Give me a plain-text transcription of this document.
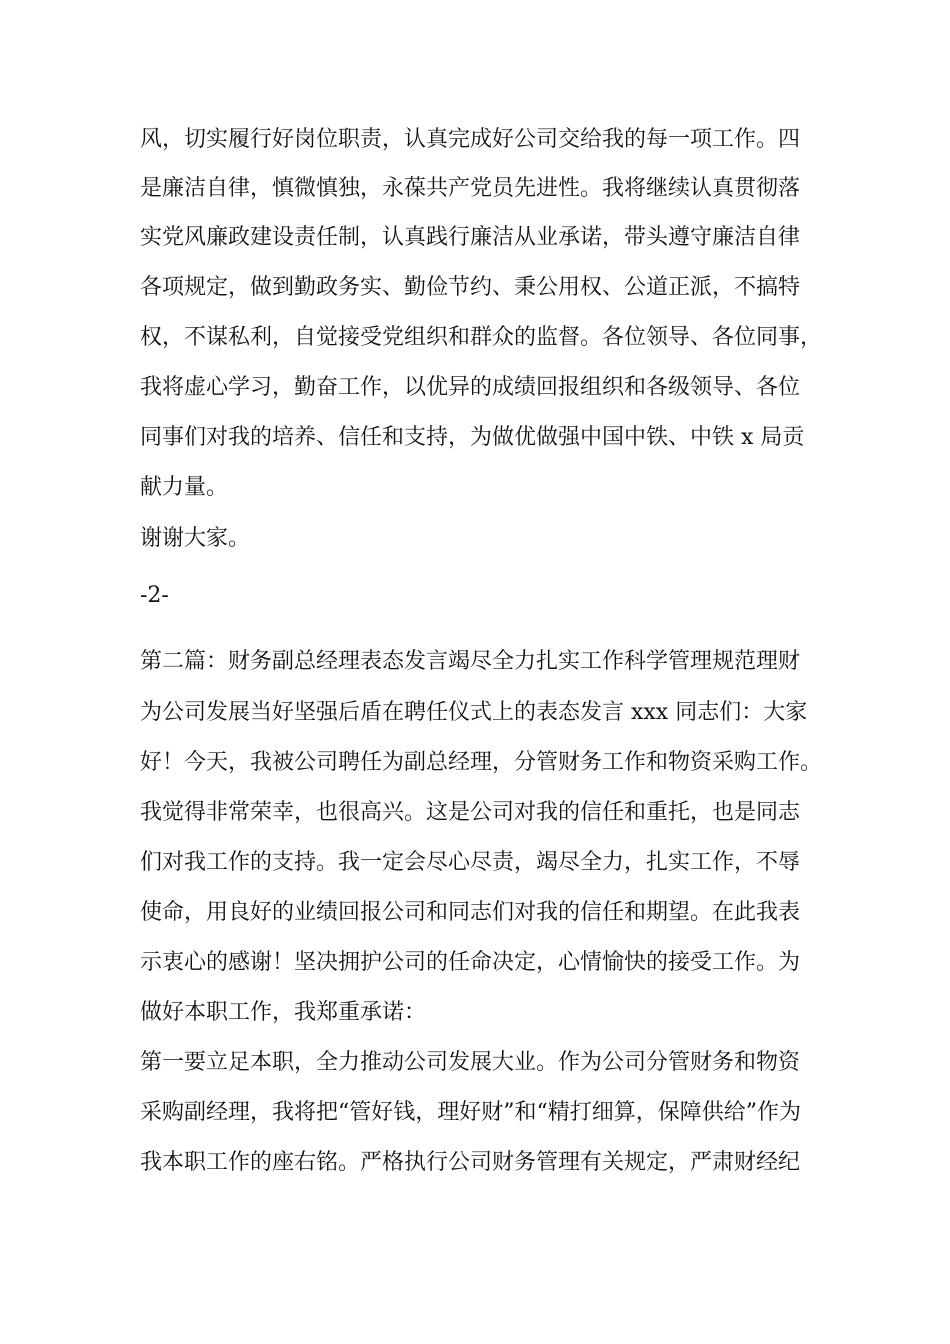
风，切实履行好岗位职责，认真完成好公司交给我的每一项工作。四
是廉洁自律，慎微慎独，永葆共产党员先进性。我将继续认真贯彻落
实党风廉政建设责任制，认真践行廉洁从业承诺，带头遵守廉洁自律
各项规定，做到勤政务实、勤俭节约、秉公用权、公道正派，不搞特
权，不谋私利，自觉接受党组织和群众的监督。各位领导、各位同事，
我将虚心学习，勤奋工作，以优异的成绩回报组织和各级领导、各位
同事们对我的培养、信任和支持，为做优做强中国中铁、中铁 x 局贡
献力量。
谢谢大家。
-2-
第二篇：财务副总经理表态发言竭尽全力扎实工作科学管理规范理财
为公司发展当好坚强后盾在聘任仪式上的表态发言 xxx 同志们：大家
好！今天，我被公司聘任为副总经理，分管财务工作和物资采购工作。
我觉得非常荣幸，也很高兴。这是公司对我的信任和重托，也是同志
们对我工作的支持。我一定会尽心尽责，竭尽全力，扎实工作，不辱
使命，用良好的业绩回报公司和同志们对我的信任和期望。在此我表
示衷心的感谢！坚决拥护公司的任命决定，心情愉快的接受工作。为
做好本职工作，我郑重承诺：
第一要立足本职，全力推动公司发展大业。作为公司分管财务和物资
采购副经理，我将把“管好钱，理好财”和“精打细算，保障供给”作为
我本职工作的座右铭。严格执行公司财务管理有关规定，严肃财经纪
